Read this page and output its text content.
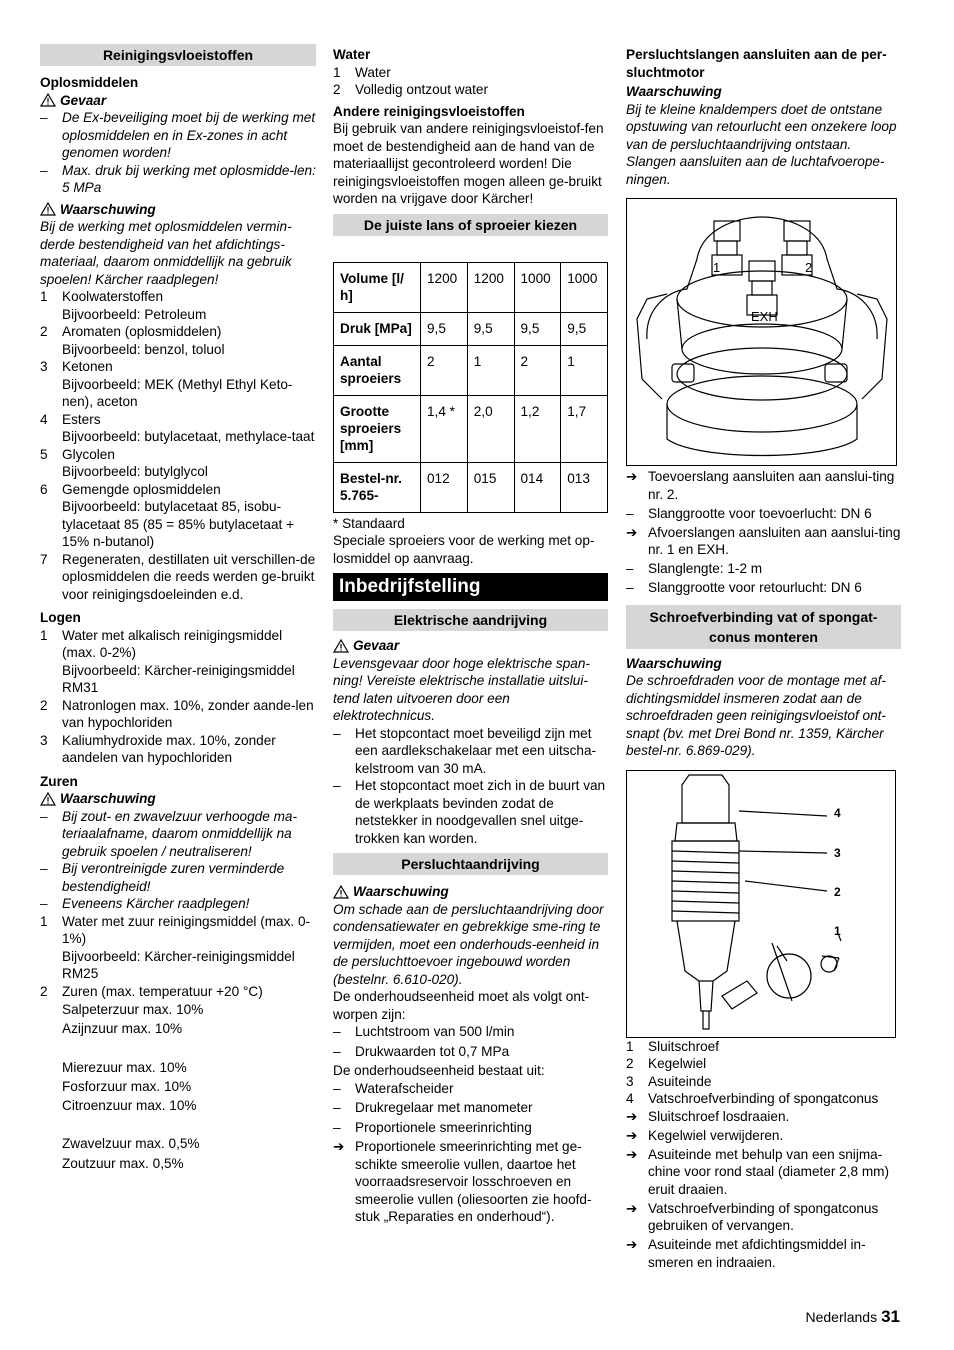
Reinigingsvloeistoffen
Oplosmiddelen
Gevaar
–	De Ex-beveiliging moet bij de werking met oplosmiddelen en in Ex-zones in acht genomen worden!
–	Max. druk bij werking met oplosmidde-len: 5 MPa
Waarschuwing
Bij de werking met oplosmiddelen vermin-derde bestendigheid van het afdichtings-materiaal, daarom onmiddellijk na gebruik spoelen! Kärcher raadplegen!
1	Koolwaterstoffen
Bijvoorbeeld: Petroleum
2	Aromaten (oplosmiddelen)
Bijvoorbeeld: benzol, toluol
3	Ketonen
Bijvoorbeeld: MEK (Methyl Ethyl Keto-nen), aceton
4	Esters
Bijvoorbeeld: butylacetaat, methylace-taat
5	Glycolen
Bijvoorbeeld: butylglycol
6	Gemengde oplosmiddelen
Bijvoorbeeld: butylacetaat 85, isobu-tylacetaat 85 (85 = 85% butylacetaat + 15% n-butanol)
7	Regeneraten, destillaten uit verschillen-de oplosmiddelen die reeds werden ge-bruikt voor reinigingsdoeleinden e.d.
Logen
1	Water met alkalisch reinigingsmiddel (max. 0-2%)
Bijvoorbeeld: Kärcher-reinigingsmiddel RM31
2	Natronlogen max. 10%, zonder aande-len van hypochloriden
3	Kaliumhydroxide max. 10%, zonder aandelen van hypochloriden
Zuren
Waarschuwing
–	Bij zout- en zwavelzuur verhoogde ma-teriaalafname, daarom onmiddellijk na gebruik spoelen / neutraliseren!
–	Bij verontreinigde zuren verminderde bestendigheid!
–	Eveneens Kärcher raadplegen!
1	Water met zuur reinigingsmiddel (max. 0-1%)
Bijvoorbeeld: Kärcher-reinigingsmiddel RM25
2	Zuren (max. temperatuur +20 °C)
Salpeterzuur max. 10%
Azijnzuur max. 10%
Mierezuur max. 10%
Fosforzuur max. 10%
Citroenzuur max. 10%
Zwavelzuur max. 0,5%
Zoutzuur max. 0,5%
Water
1	Water
2	Volledig ontzout water
Andere reinigingsvloeistoffen
Bij gebruik van andere reinigingsvloeistof-fen moet de bestendigheid aan de hand van de materiaallijst gecontroleerd worden! Die reinigingsvloeistoffen mogen alleen ge-bruikt worden na vrijgave door Kärcher!
De juiste lans of sproeier kiezen
Volume [l/ h]	1200	1200	1000	1000
Druk [MPa]	9,5	9,5	9,5	9,5
Aantal sproeiers	2	1	2	1
Grootte sproeiers [mm]	1,4 *	2,0	1,2	1,7
Bestel-nr. 5.765-	012	015	014	013
* Standaard
Speciale sproeiers voor de werking met op-losmiddel op aanvraag.
Inbedrijfstelling
Elektrische aandrijving
Gevaar
Levensgevaar door hoge elektrische span-ning! Vereiste elektrische installatie uitslui-tend laten uitvoeren door een elektrotechnicus.
–	Het stopcontact moet beveiligd zijn met een aardlekschakelaar met een uitscha-kelstroom van 30 mA.
–	Het stopcontact moet zich in de buurt van de werkplaats bevinden zodat de netstekker in noodgevallen snel uitge-trokken kan worden.
Persluchtaandrijving
Waarschuwing
Om schade aan de persluchtaandrijving door condensatiewater en gebrekkige sme-ring te vermijden, moet een onderhouds-eenheid in de persluchttoevoer ingebouwd worden (bestelnr. 6.610-020).
De onderhoudseenheid moet als volgt ont-worpen zijn:
–	Luchtstroom van 500 l/min
–	Drukwaarden tot 0,7 MPa
De onderhoudseenheid bestaat uit:
–	Waterafscheider
–	Drukregelaar met manometer
–	Proportionele smeerinrichting
➔ Proportionele smeerinrichting met ge-schikte smeerolie vullen, daartoe het voorraadsreservoir losschroeven en smeerolie vullen (oliesoorten zie hoofd-stuk „Reparaties en onderhoud“).
Persluchtslangen aansluiten aan de per-sluchtmotor
Waarschuwing
Bij te kleine knaldempers doet de ontstane opstuwing van retourlucht een onzekere loop van de persluchtaandrijving ontstaan. Slangen aansluiten aan de luchtafvoerope-ningen.
1	2
EXH
➔ Toevoerslang aansluiten aan aanslui-ting nr. 2.
–	Slanggrootte voor toevoerlucht: DN 6
➔ Afvoerslangen aansluiten aan aanslui-ting nr. 1 en EXH.
–	Slanglengte: 1-2 m
–	Slanggrootte voor retourlucht: DN 6
Schroefverbinding vat of spongat-conus monteren
Waarschuwing
De schroefdraden voor de montage met af-dichtingsmiddel insmeren zodat aan de schroefdraden geen reinigingsvloeistof ont-snapt (bv. met Drei Bond nr. 1359, Kärcher bestel-nr. 6.869-029).
4
3
2
1
1	Sluitschroef
2	Kegelwiel
3	Asuiteinde
4	Vatschroefverbinding of spongatconus
➔ Sluitschroef losdraaien.
➔ Kegelwiel verwijderen.
➔ Asuiteinde met behulp van een snijma-chine voor rond staal (diameter 2,8 mm) eruit draaien.
➔ Vatschroefverbinding of spongatconus gebruiken of vervangen.
➔ Asuiteinde met afdichtingsmiddel in-smeren en indraaien.
Nederlands 31
